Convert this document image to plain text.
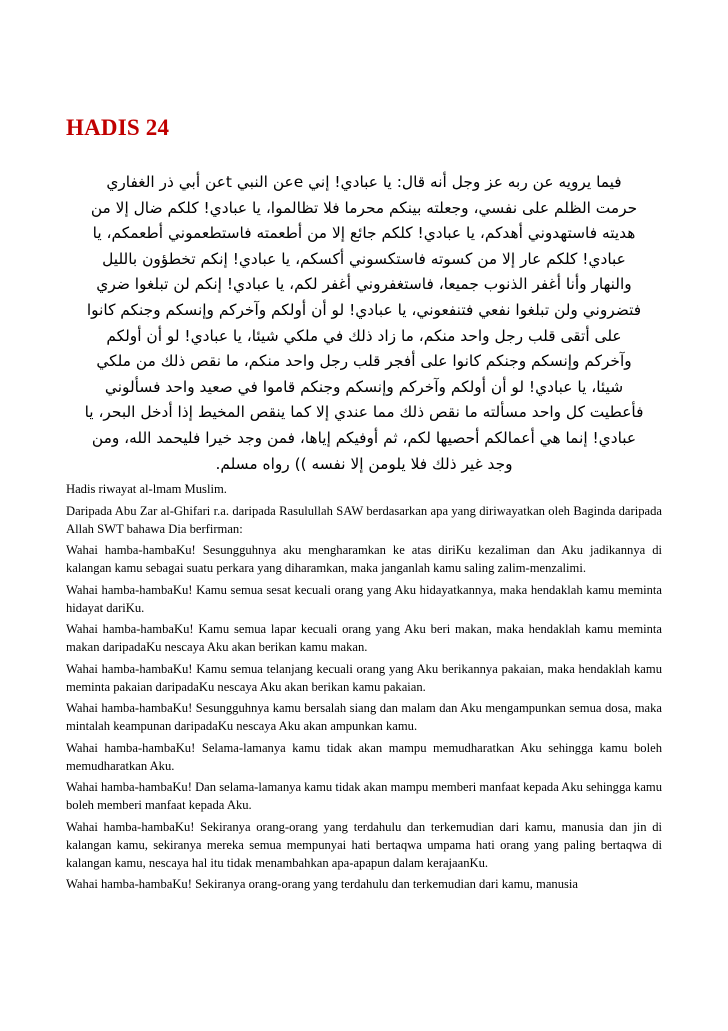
HADIS 24
فيما يرويه عن ربه عز وجل أنه قال: يا عبادي! إني eعن النبي tعن أبي ذر الغفاري
حرمت الظلم على نفسي، وجعلته بينكم محرما فلا تظالموا، يا عبادي! كلكم ضال إلا من
هديته فاستهدوني أهدكم، يا عبادي! كلكم جائع إلا من أطعمته فاستطعموني أطعمكم، يا
عبادي! كلكم عار إلا من كسوته فاستكسوني أكسكم، يا عبادي! إنكم تخطؤون بالليل
والنهار وأنا أغفر الذنوب جميعا، فاستغفروني أغفر لكم، يا عبادي! إنكم لن تبلغوا ضري
فتضروني ولن تبلغوا نفعي فتنفعوني، يا عبادي! لو أن أولكم وآخركم وإنسكم وجنكم كانوا
على أتقى قلب رجل واحد منكم، ما زاد ذلك في ملكي شيئا، يا عبادي! لو أن أولكم
وآخركم وإنسكم وجنكم كانوا على أفجر قلب رجل واحد منكم، ما نقص ذلك من ملكي
شيئا، يا عبادي! لو أن أولكم وآخركم وإنسكم وجنكم قاموا في صعيد واحد فسألوني
فأعطيت كل واحد مسألته ما نقص ذلك مما عندي إلا كما ينقص المخيط إذا أدخل البحر، يا
عبادي! إنما هي أعمالكم أحصيها لكم، ثم أوفيكم إياها، فمن وجد خيرا فليحمد الله، ومن
وجد غير ذلك فلا يلومن إلا نفسه )) رواه مسلم.

Hadis riwayat al-lmam Muslim.

Daripada Abu Zar al-Ghifari r.a. daripada Rasulullah SAW berdasarkan apa yang diriwayatkan oleh Baginda daripada Allah SWT bahawa Dia berfirman:

Wahai hamba-hambaKu! Sesungguhnya aku mengharamkan ke atas diriKu kezaliman dan Aku jadikannya di kalangan kamu sebagai suatu perkara yang diharamkan, maka janganlah kamu saling zalim-menzalimi.

Wahai hamba-hambaKu! Kamu semua sesat kecuali orang yang Aku hidayatkannya, maka hendaklah kamu meminta hidayat dariKu.

Wahai hamba-hambaKu! Kamu semua lapar kecuali orang yang Aku beri makan, maka hendaklah kamu meminta makan daripadaKu nescaya Aku akan berikan kamu makan.

Wahai hamba-hambaKu! Kamu semua telanjang kecuali orang yang Aku berikannya pakaian, maka hendaklah kamu meminta pakaian daripadaKu nescaya Aku akan berikan kamu pakaian.

Wahai hamba-hambaKu! Sesungguhnya kamu bersalah siang dan malam dan Aku mengampunkan semua dosa, maka mintalah keampunan daripadaKu nescaya Aku akan ampunkan kamu.

Wahai hamba-hambaKu! Selama-lamanya kamu tidak akan mampu memudharatkan Aku sehingga kamu boleh memudharatkan Aku.

Wahai hamba-hambaKu! Dan selama-lamanya kamu tidak akan mampu memberi manfaat kepada Aku sehingga kamu boleh memberi manfaat kepada Aku.

Wahai hamba-hambaKu! Sekiranya orang-orang yang terdahulu dan terkemudian dari kamu, manusia dan jin di kalangan kamu, sekiranya mereka semua mempunyai hati bertaqwa umpama hati orang yang paling bertaqwa di kalangan kamu, nescaya hal itu tidak menambahkan apa-apapun dalam kerajaanKu.

Wahai hamba-hambaKu! Sekiranya orang-orang yang terdahulu dan terkemudian dari kamu, manusia
